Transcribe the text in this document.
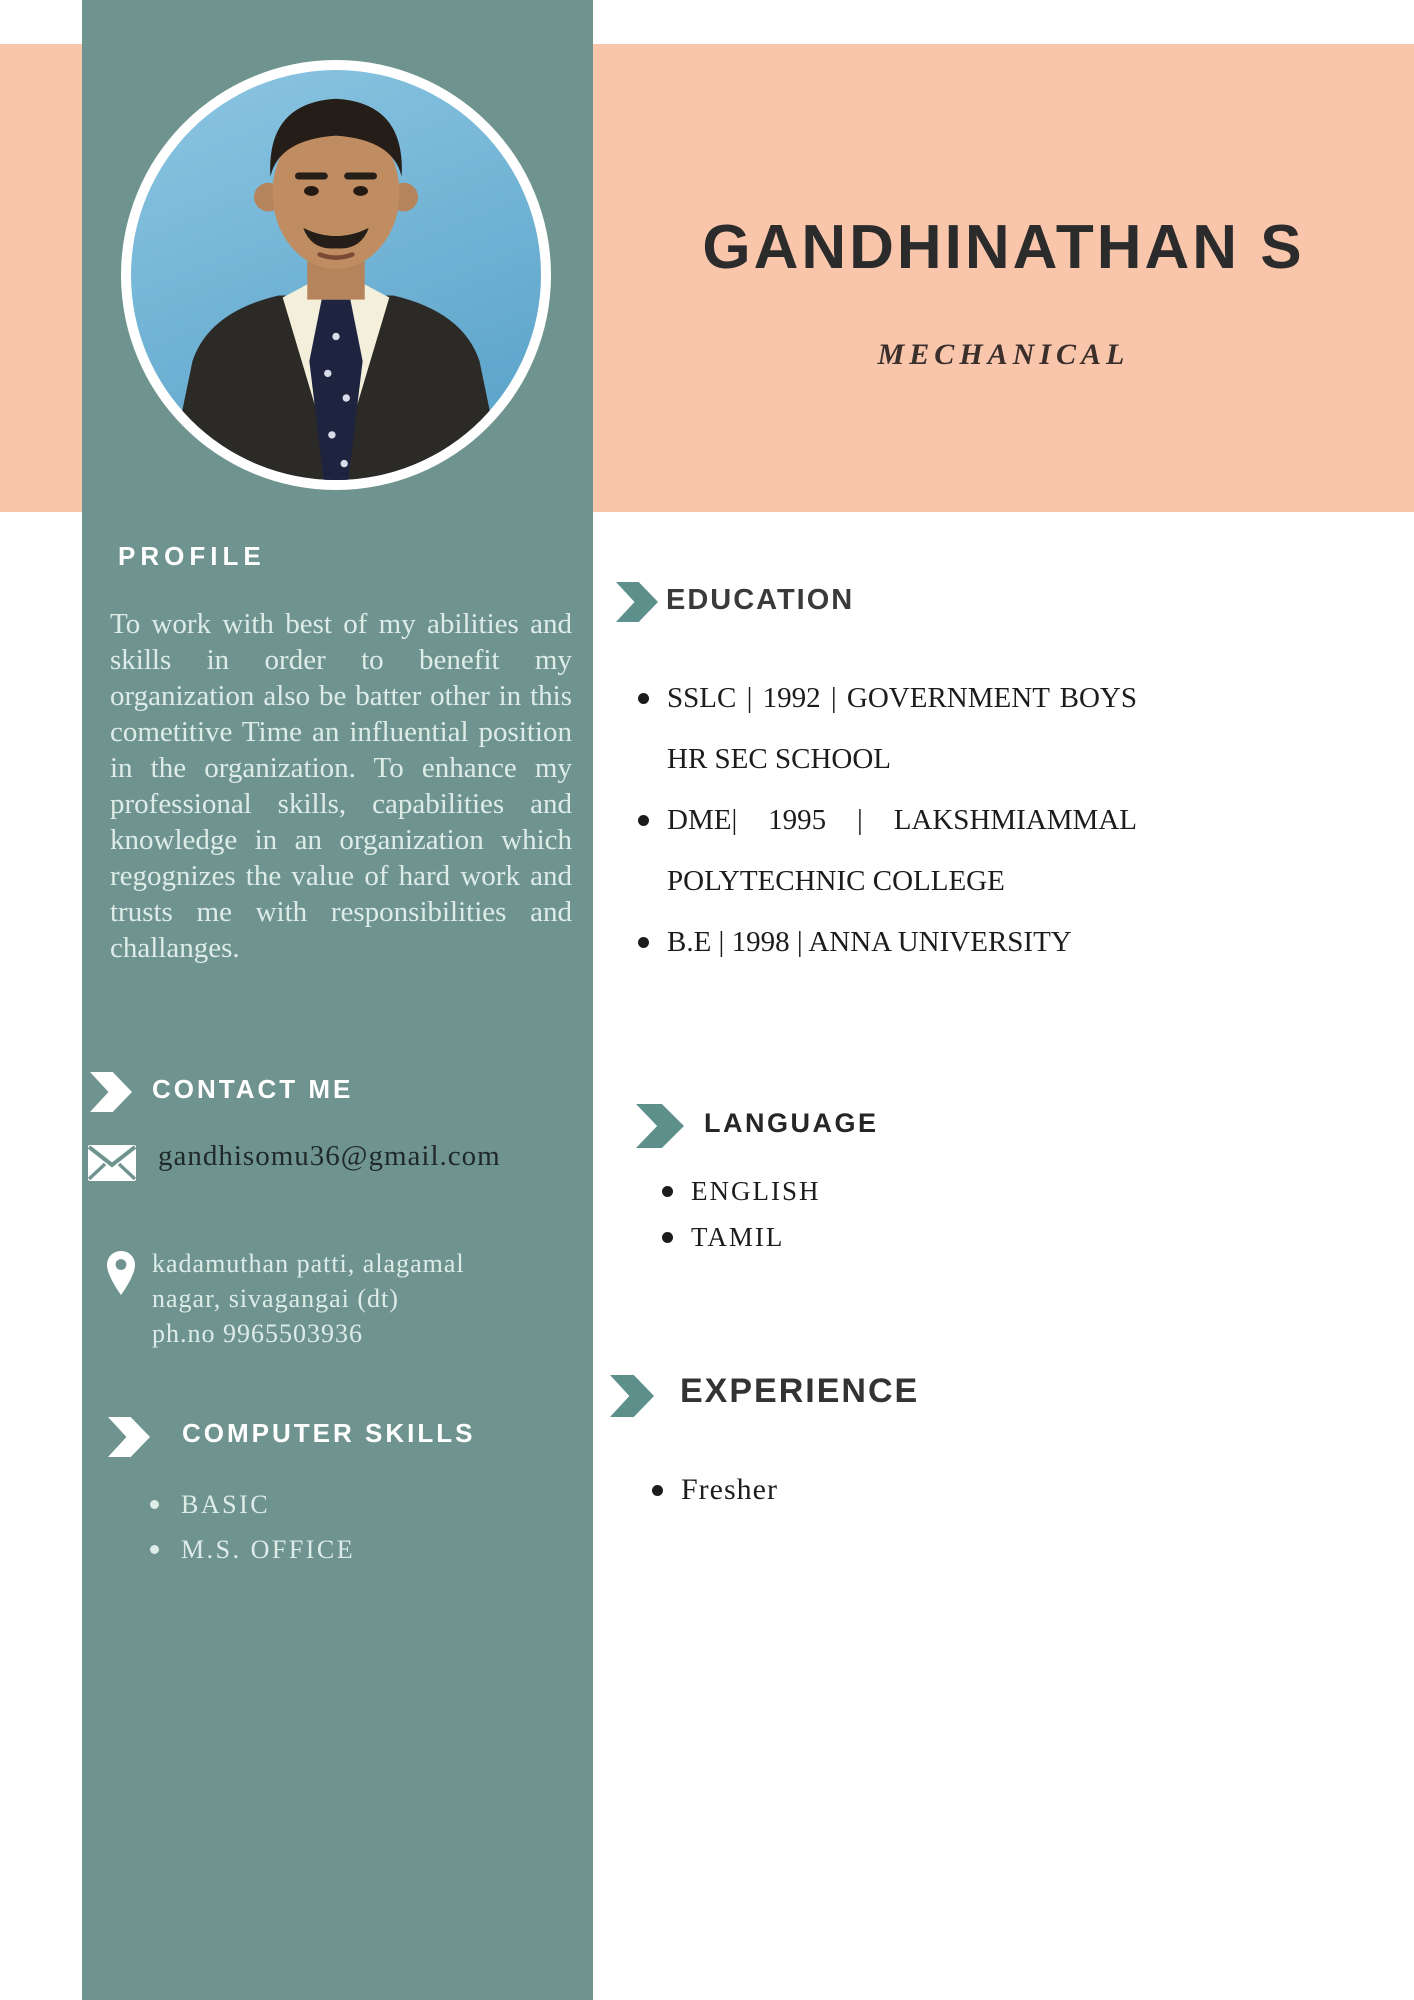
GANDHINATHAN S
MECHANICAL
PROFILE
To work with best of my abilities and skills in order to benefit my organization also be batter other in this cometitive Time an influential position in the organization. To enhance my professional skills, capabilities and knowledge in an organization which regognizes the value of hard work and trusts me with responsibilities and challanges.
CONTACT ME
gandhisomu36@gmail.com
kadamuthan patti, alagamal
nagar, sivagangai (dt)
ph.no 9965503936
COMPUTER SKILLS
BASIC
M.S. OFFICE
EDUCATION
SSLC | 1992 | GOVERNMENT BOYS HR SEC SCHOOL
DME| 1995 | LAKSHMIAMMAL POLYTECHNIC COLLEGE
B.E | 1998 | ANNA UNIVERSITY
LANGUAGE
ENGLISH
TAMIL
EXPERIENCE
Fresher
